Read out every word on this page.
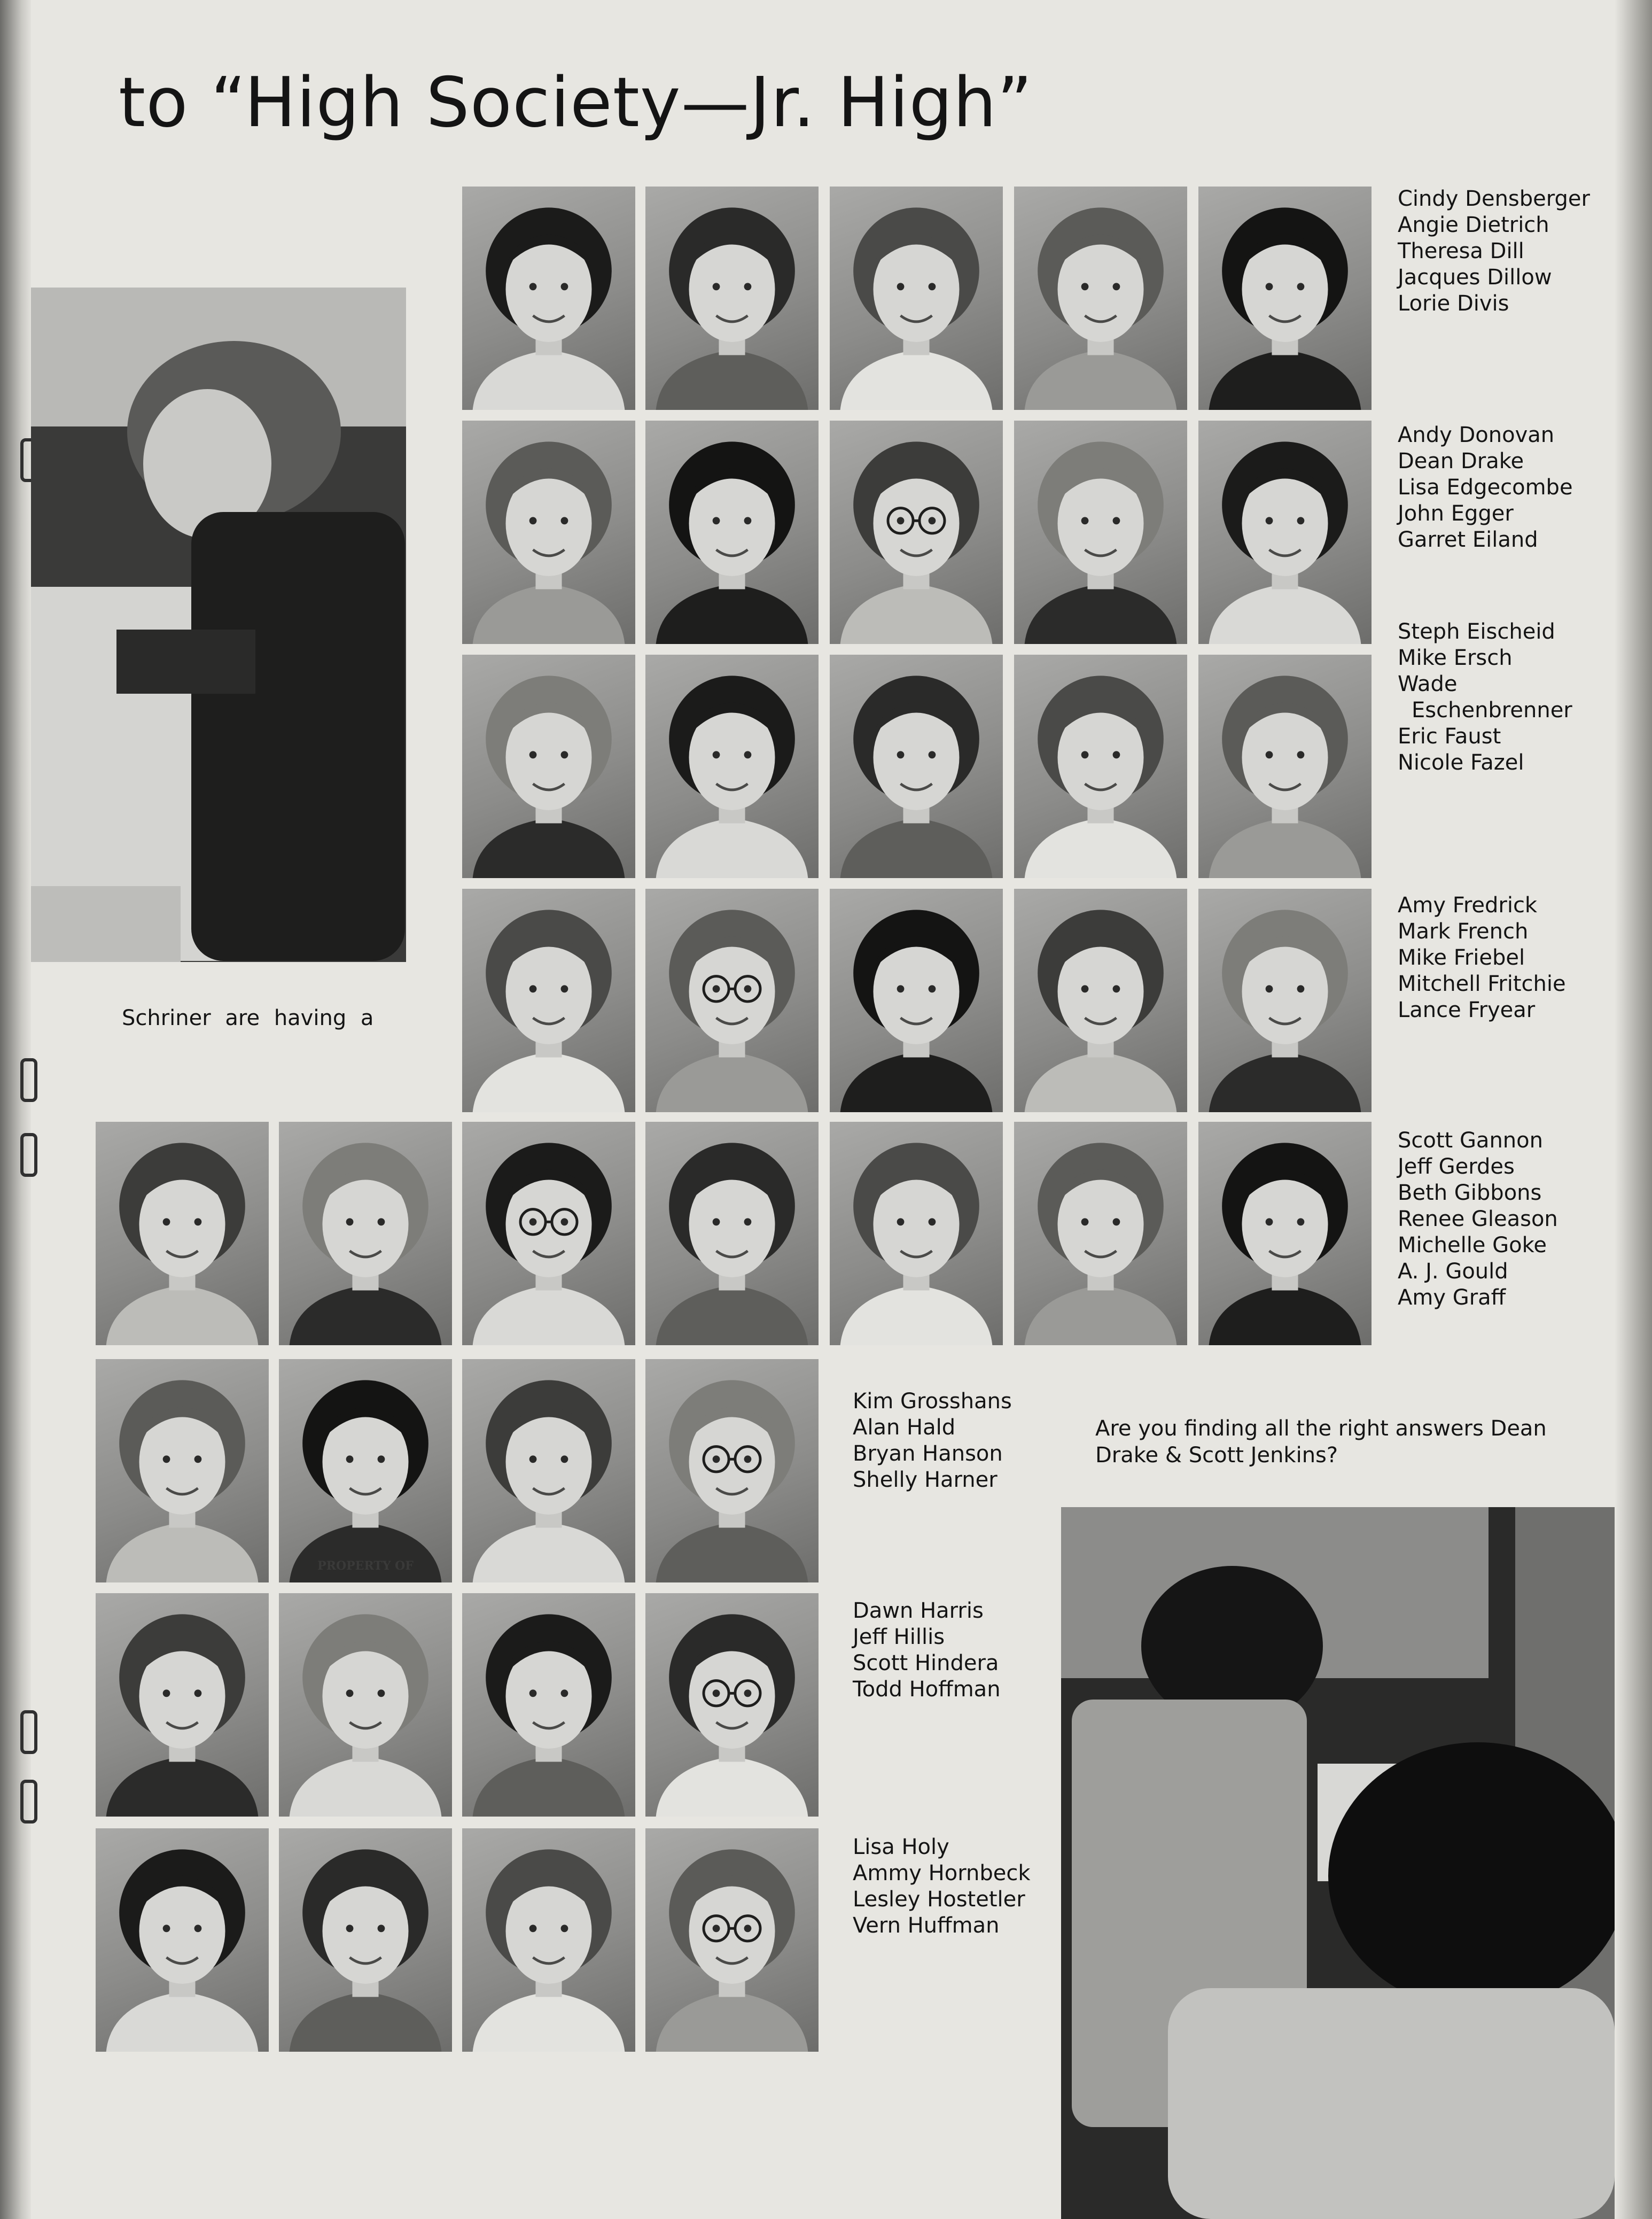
to “High Society—Jr. High”
Schriner are having a
Are you finding all the right answers Dean Drake & Scott Jenkins?
Cindy Densberger
Angie Dietrich
Theresa Dill
Jacques Dillow
Lorie Divis
Andy Donovan
Dean Drake
Lisa Edgecombe
John Egger
Garret Eiland
Steph Eischeid
Mike Ersch
Wade
Eschenbrenner
Eric Faust
Nicole Fazel
Amy Fredrick
Mark French
Mike Friebel
Mitchell Fritchie
Lance Fryear
Scott Gannon
Jeff Gerdes
Beth Gibbons
Renee Gleason
Michelle Goke
A. J. Gould
Amy Graff
Kim Grosshans
Alan Hald
Bryan Hanson
Shelly Harner
Dawn Harris
Jeff Hillis
Scott Hindera
Todd Hoffman
Lisa Holy
Ammy Hornbeck
Lesley Hostetler
Vern Huffman
PROPERTY OF
